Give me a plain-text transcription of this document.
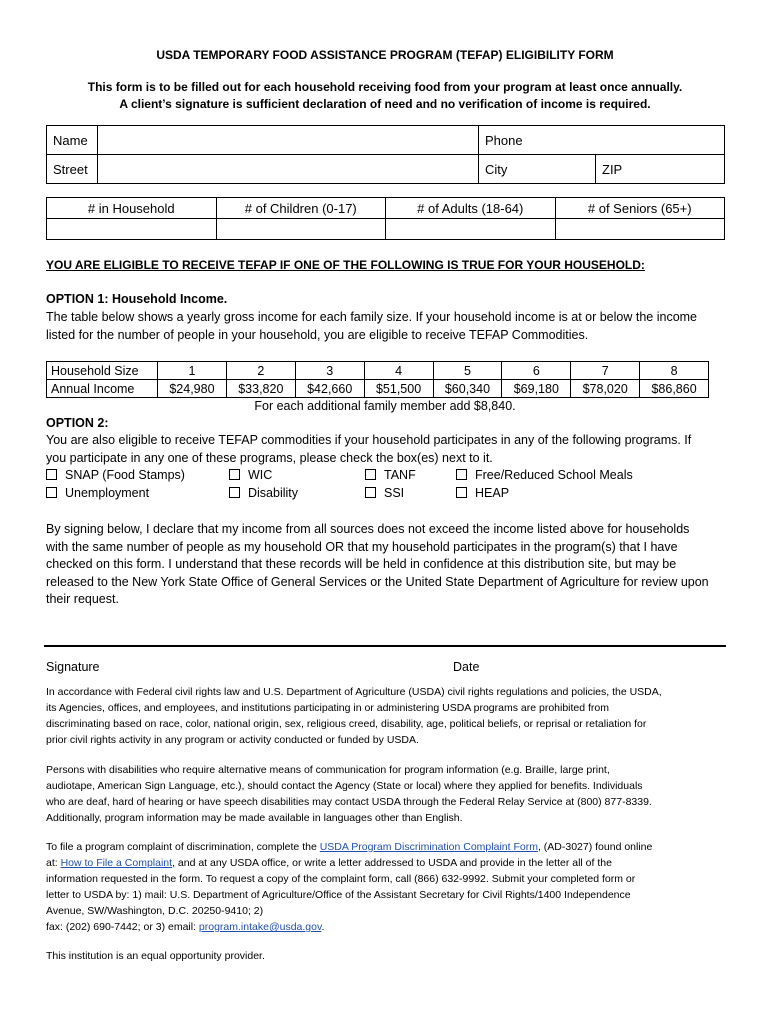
USDA TEMPORARY FOOD ASSISTANCE PROGRAM (TEFAP) ELIGIBILITY FORM
This form is to be filled out for each household receiving food from your program at least once annually.
A client’s signature is sufficient declaration of need and no verification of income is required.
Name		Phone	
Street		City	ZIP
# in Household	# of Children (0-17)	# of Adults (18-64)	# of Seniors (65+)

YOU ARE ELIGIBLE TO RECEIVE TEFAP IF ONE OF THE FOLLOWING IS TRUE FOR YOUR HOUSEHOLD:
OPTION 1: Household Income.
The table below shows a yearly gross income for each family size. If your household income is at or below the income
listed for the number of people in your household, you are eligible to receive TEFAP Commodities.
Household Size	1	2	3	4	5	6	7	8
Annual Income	$24,980	$33,820	$42,660	$51,500	$60,340	$69,180	$78,020	$86,860
For each additional family member add $8,840.
OPTION 2:
You are also eligible to receive TEFAP commodities if your household participates in any of the following programs. If
you participate in any one of these programs, please check the box(es) next to it.
SNAP (Food Stamps)	WIC	TANF	Free/Reduced School Meals
Unemployment	Disability	SSI	HEAP
By signing below, I declare that my income from all sources does not exceed the income listed above for households
with the same number of people as my household OR that my household participates in the program(s) that I have
checked on this form. I understand that these records will be held in confidence at this distribution site, but may be
released to the New York State Office of General Services or the United State Department of Agriculture for review upon
their request.
Signature	Date
In accordance with Federal civil rights law and U.S. Department of Agriculture (USDA) civil rights regulations and policies, the USDA,
its Agencies, offices, and employees, and institutions participating in or administering USDA programs are prohibited from
discriminating based on race, color, national origin, sex, religious creed, disability, age, political beliefs, or reprisal or retaliation for
prior civil rights activity in any program or activity conducted or funded by USDA.
Persons with disabilities who require alternative means of communication for program information (e.g. Braille, large print,
audiotape, American Sign Language, etc.), should contact the Agency (State or local) where they applied for benefits. Individuals
who are deaf, hard of hearing or have speech disabilities may contact USDA through the Federal Relay Service at (800) 877-8339.
Additionally, program information may be made available in languages other than English.
To file a program complaint of discrimination, complete the USDA Program Discrimination Complaint Form, (AD-3027) found online
at: How to File a Complaint, and at any USDA office, or write a letter addressed to USDA and provide in the letter all of the
information requested in the form. To request a copy of the complaint form, call (866) 632-9992. Submit your completed form or
letter to USDA by: 1) mail: U.S. Department of Agriculture/Office of the Assistant Secretary for Civil Rights/1400 Independence
Avenue, SW/Washington, D.C. 20250-9410; 2)
fax: (202) 690-7442; or 3) email: program.intake@usda.gov.
This institution is an equal opportunity provider.
